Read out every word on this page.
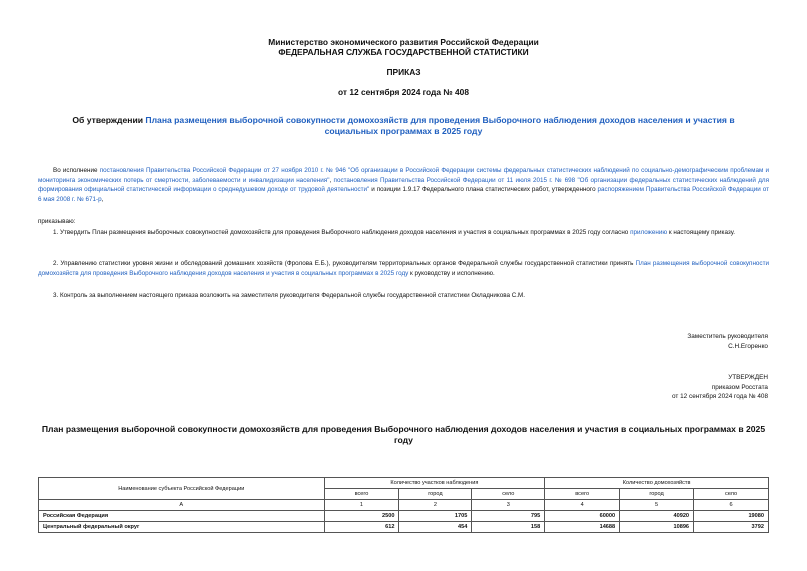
Министерство экономического развития Российской Федерации
ФЕДЕРАЛЬНАЯ СЛУЖБА ГОСУДАРСТВЕННОЙ СТАТИСТИКИ
ПРИКАЗ
от 12 сентября 2024 года № 408
Об утверждении Плана размещения выборочной совокупности домохозяйств для проведения Выборочного наблюдения доходов населения и участия в социальных программах в 2025 году
Во исполнение постановления Правительства Российской Федерации от 27 ноября 2010 г. № 946 "Об организации в Российской Федерации системы федеральных статистических наблюдений по социально-демографическим проблемам и мониторинга экономических потерь от смертности, заболеваемости и инвалидизации населения", постановления Правительства Российской Федерации от 11 июля 2015 г. № 698 "Об организации федеральных статистических наблюдений для формирования официальной статистической информации о среднедушевом доходе от трудовой деятельности" и позиции 1.9.17 Федерального плана статистических работ, утвержденного распоряжением Правительства Российской Федерации от 6 мая 2008 г. № 671-р,
приказываю:
1. Утвердить План размещения выборочных совокупностей домохозяйств для проведения Выборочного наблюдения доходов населения и участия в социальных программах в 2025 году согласно приложению к настоящему приказу.
2. Управлению статистики уровня жизни и обследований домашних хозяйств (Фролова Е.Б.), руководителям территориальных органов Федеральной службы государственной статистики принять План размещения выборочной совокупности домохозяйств для проведения Выборочного наблюдения доходов населения и участия в социальных программах в 2025 году к руководству и исполнению.
3. Контроль за выполнением настоящего приказа возложить на заместителя руководителя Федеральной службы государственной статистики Окладникова С.М.
Заместитель руководителя
С.Н.Егоренко
УТВЕРЖДЕН
приказом Росстата
от 12 сентября 2024 года № 408
План размещения выборочной совокупности домохозяйств для проведения Выборочного наблюдения доходов населения и участия в социальных программах в 2025 году
Наименование субъекта Российской Федерации	Количество участков наблюдения			Количество домохозяйств		
	всего	город	село	всего	город	село
А	1	2	3	4	5	6
Российская Федерация	2500	1705	795	60000	40920	19080
Центральный федеральный округ	612	454	158	14688	10896	3792
